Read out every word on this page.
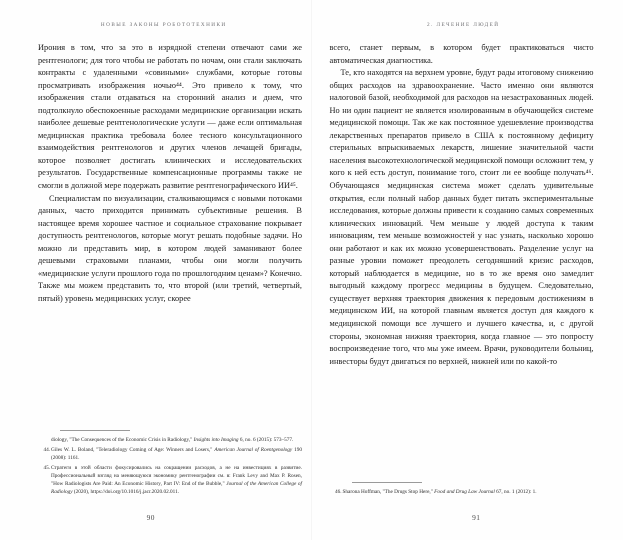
НОВЫЕ ЗАКОНЫ РОБОТОТЕХНИКИ

Ирония в том, что за это в изрядной степени отвечают сами же рентгенологи; для того чтобы не работать по ночам, они стали заключать контракты с удаленными «совиными» службами, которые готовы просматривать изображения ночью⁴⁴. Это привело к тому, что изображения стали отдаваться на сторонний анализ и днем, что подтолкнуло обеспокоенные расходами медицинские организации искать наиболее дешевые рентгенологические услуги — даже если оптимальная медицинская практика требовала более тесного консультационного взаимодействия рентгенологов и других членов лечащей бригады, которое позволяет достигать клинических и исследовательских результатов. Государственные компенсационные программы также не смогли в должной мере подержать развитие рентгенографического ИИ⁴⁵.

Специалистам по визуализации, сталкивающимся с новыми потоками данных, часто приходится принимать субъективные решения. В настоящее время хорошее частное и социальное страхование покрывает доступность рентгенологов, которые могут решать подобные задачи. Но можно ли представить мир, в котором людей заманивают более дешевыми страховыми планами, чтобы они могли получить «медицинские услуги прошлого года по прошлогодним ценам»? Конечно. Также мы можем представить то, что второй (или третий, четвертый, пятый) уровень медицинских услуг, скорее

diology, "The Consequences of the Economic Crisis in Radiology," Insights into Imaging 6, no. 6 (2015): 573–577.
44. Giles W. L. Boland, "Teleradiology Coming of Age: Winners and Losers," American Journal of Roentgenology 190 (2008): 1161.
45. Стратеги в этой области фокусировались на сокращении расходов, а не на инвестициях в развитие. Профессиональный взгляд на меняющуюся экономику рентгенографии см. в: Frank Levy and Max P. Rosen, "How Radiologists Are Paid: An Economic History, Part IV: End of the Bubble," Journal of the American College of Radiology (2020), https://doi.org/10.1016/j.jacr.2020.02.011.
90
2. ЛЕЧЕНИЕ ЛЮДЕЙ

всего, станет первым, в котором будет практиковаться чисто автоматическая диагностика.

Те, кто находятся на верхнем уровне, будут рады итоговому снижению общих расходов на здравоохранение. Часто именно они являются налоговой базой, необходимой для расходов на незастрахованных людей. Но ни один пациент не является изолированным в обучающейся системе медицинской помощи. Так же как постоянное удешевление производства лекарственных препаратов привело в США к постоянному дефициту стерильных впрыскиваемых лекарств, лишение значительной части населения высокотехнологической медицинской помощи осложнит тем, у кого к ней есть доступ, понимание того, стоит ли ее вообще получать⁴⁶. Обучающаяся медицинская система может сделать удивительные открытия, если полный набор данных будет питать экспериментальные исследования, которые должны привести к созданию самых современных клинических инноваций. Чем меньше у людей доступа к таким инновациям, тем меньше возможностей у нас узнать, насколько хорошо они работают и как их можно усовершенствовать. Разделение услуг на разные уровни поможет преодолеть сегодняшний кризис расходов, который наблюдается в медицине, но в то же время оно замедлит выгодный каждому прогресс медицины в будущем. Следовательно, существует верхняя траектория движения к передовым достижениям в медицинском ИИ, на которой главным является доступ для каждого к медицинской помощи все лучшего и лучшего качества, и, с другой стороны, экономная нижняя траектория, когда главное — это попросту воспроизведение того, что мы уже имеем. Врачи, руководители больниц, инвесторы будут двигаться по верхней, нижней или по какой-то

46. Sharona Hoffman, "The Drugs Stop Here," Food and Drug Law Journal 67, no. 1 (2012): 1.
91
